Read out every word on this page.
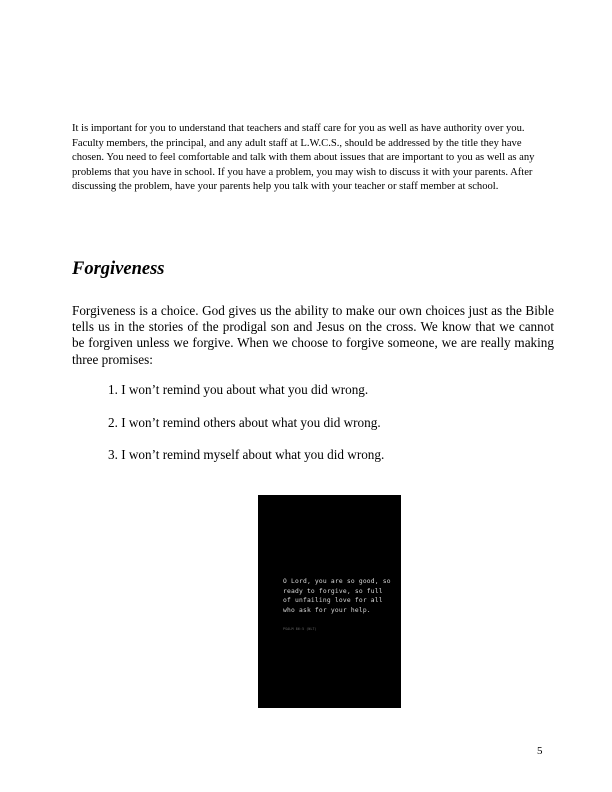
It is important for you to understand that teachers and staff care for you as well as have authority over you. Faculty members, the principal, and any adult staff at L.W.C.S., should be addressed by the title they have chosen. You need to feel comfortable and talk with them about issues that are important to you as well as any problems that you have in school. If you have a problem, you may wish to discuss it with your parents. After discussing the problem, have your parents help you talk with your teacher or staff member at school.

Forgiveness

Forgiveness is a choice. God gives us the ability to make our own choices just as the Bible tells us in the stories of the prodigal son and Jesus on the cross. We know that we cannot be forgiven unless we forgive. When we choose to forgive someone, we are really making three promises:

1. I won’t remind you about what you did wrong.
2. I won’t remind others about what you did wrong.
3. I won’t remind myself about what you did wrong.

O Lord, you are so good, so ready to forgive, so full of unfailing love for all who ask for your help.

PSALM 86:5 (NLT)

5
